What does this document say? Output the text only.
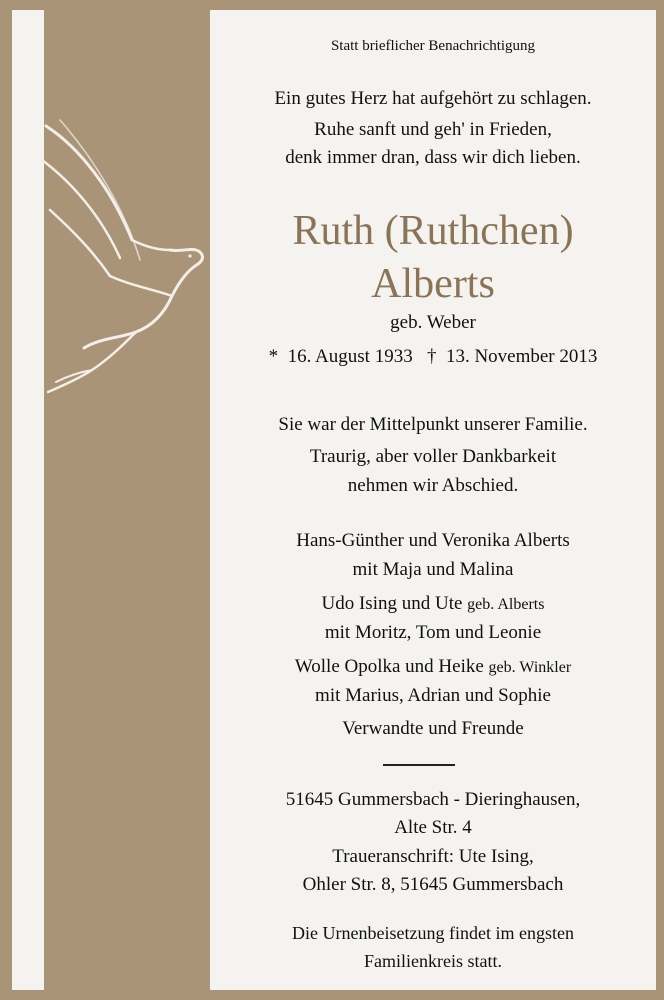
Statt brieflicher Benachrichtigung
Ein gutes Herz hat aufgehört zu schlagen.
Ruhe sanft und geh' in Frieden,
denk immer dran, dass wir dich lieben.
Ruth (Ruthchen)
Alberts
geb. Weber
*  16. August 1933   †  13. November 2013
Sie war der Mittelpunkt unserer Familie.
Traurig, aber voller Dankbarkeit
nehmen wir Abschied.
Hans-Günther und Veronika Alberts
mit Maja und Malina
Udo Ising und Ute geb. Alberts
mit Moritz, Tom und Leonie
Wolle Opolka und Heike geb. Winkler
mit Marius, Adrian und Sophie
Verwandte und Freunde
51645 Gummersbach - Dieringhausen,
Alte Str. 4
Traueranschrift: Ute Ising,
Ohler Str. 8, 51645 Gummersbach
Die Urnenbeisetzung findet im engsten
Familienkreis statt.
